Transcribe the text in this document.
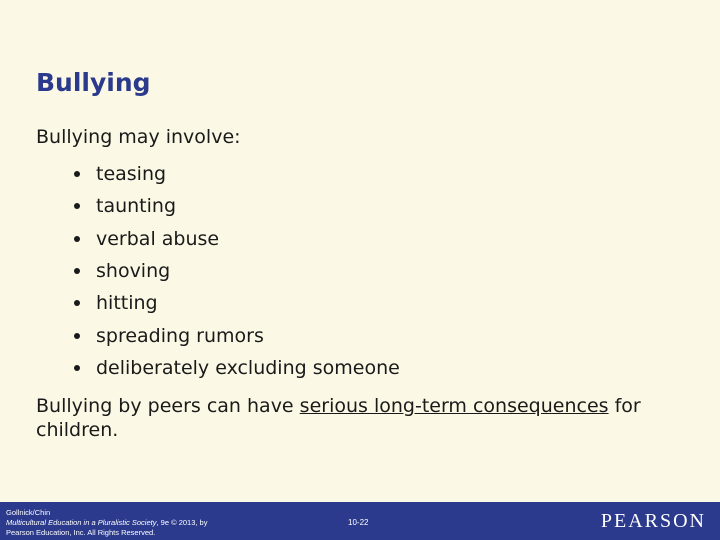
Bullying
Bullying may involve:
teasing
taunting
verbal abuse
shoving
hitting
spreading rumors
deliberately excluding someone
Bullying by peers can have serious long-term consequences for children.
Gollnick/Chin
Multicultural Education in a Pluralistic Society, 9e © 2013, by
Pearson Education, Inc. All Rights Reserved.
10-22	PEARSON
